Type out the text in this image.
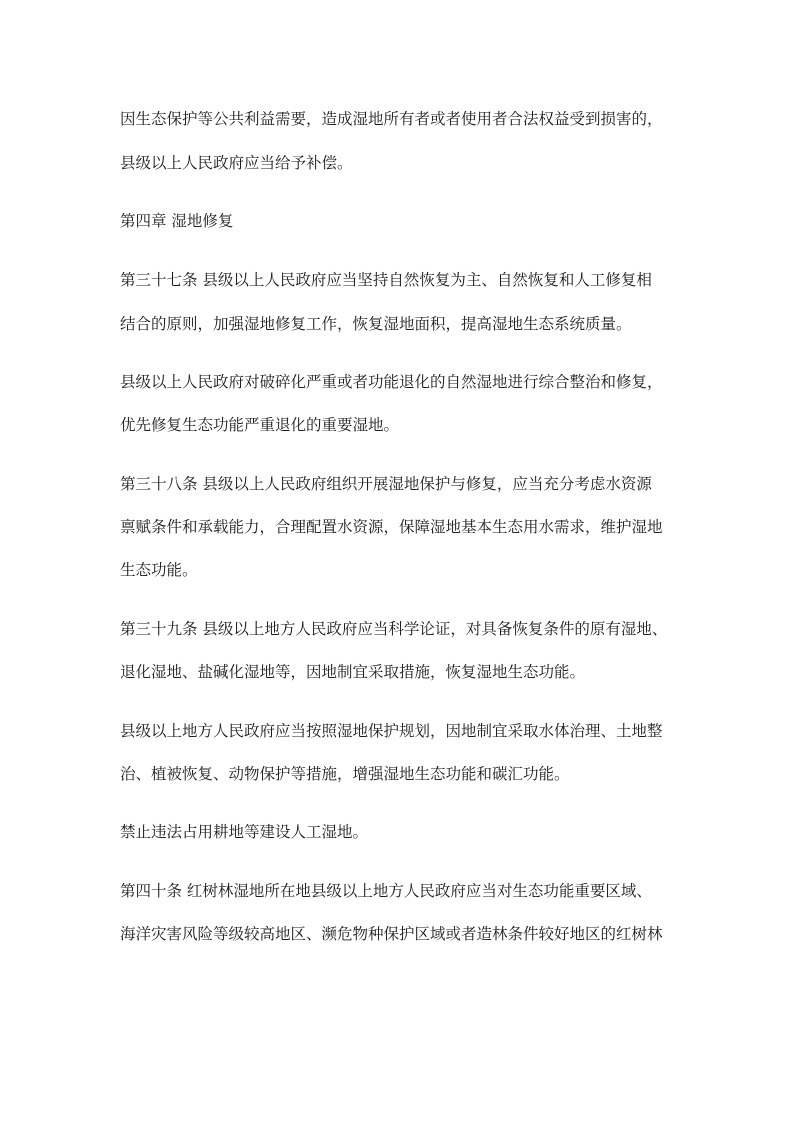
因生态保护等公共利益需要，造成湿地所有者或者使用者合法权益受到损害的，
县级以上人民政府应当给予补偿。
第四章 湿地修复
第三十七条 县级以上人民政府应当坚持自然恢复为主、自然恢复和人工修复相
结合的原则，加强湿地修复工作，恢复湿地面积，提高湿地生态系统质量。
县级以上人民政府对破碎化严重或者功能退化的自然湿地进行综合整治和修复，
优先修复生态功能严重退化的重要湿地。
第三十八条 县级以上人民政府组织开展湿地保护与修复，应当充分考虑水资源
禀赋条件和承载能力，合理配置水资源，保障湿地基本生态用水需求，维护湿地
生态功能。
第三十九条 县级以上地方人民政府应当科学论证，对具备恢复条件的原有湿地、
退化湿地、盐碱化湿地等，因地制宜采取措施，恢复湿地生态功能。
县级以上地方人民政府应当按照湿地保护规划，因地制宜采取水体治理、土地整
治、植被恢复、动物保护等措施，增强湿地生态功能和碳汇功能。
禁止违法占用耕地等建设人工湿地。
第四十条 红树林湿地所在地县级以上地方人民政府应当对生态功能重要区域、
海洋灾害风险等级较高地区、濒危物种保护区域或者造林条件较好地区的红树林
